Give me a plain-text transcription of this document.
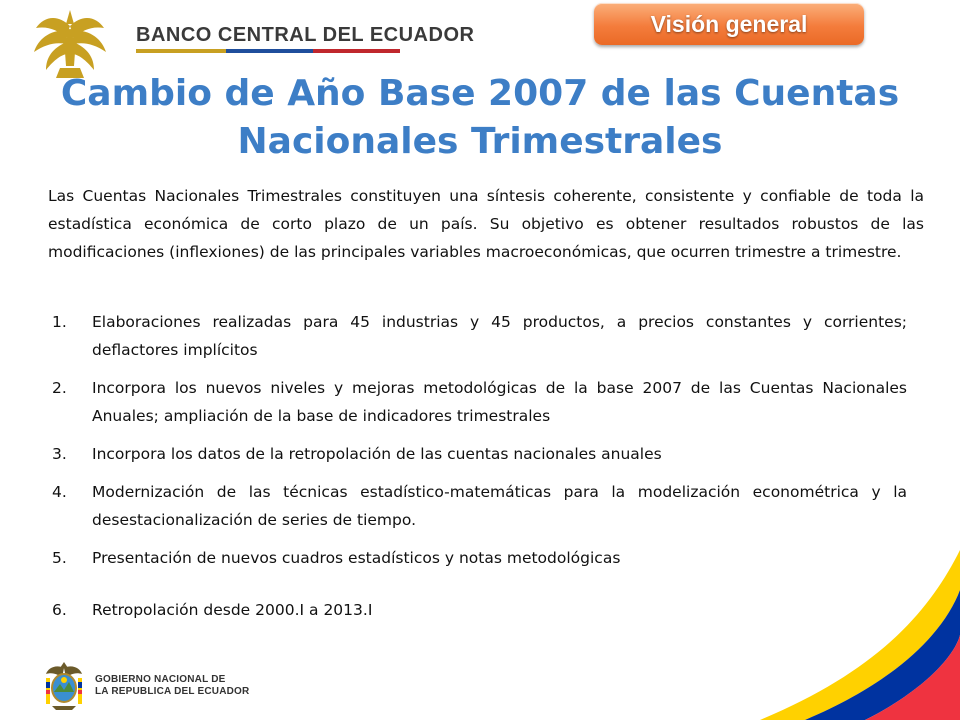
BANCO CENTRAL DEL ECUADOR	Visión general
Cambio de Año Base 2007 de las Cuentas
Nacionales Trimestrales

Las Cuentas Nacionales Trimestrales constituyen una síntesis coherente, consistente y confiable de toda la estadística económica de corto plazo de un país. Su objetivo es obtener resultados robustos de las modificaciones (inflexiones) de las principales variables macroeconómicas, que ocurren trimestre a trimestre.

1. Elaboraciones realizadas para 45 industrias y 45 productos, a precios constantes y corrientes; deflactores implícitos
2. Incorpora los nuevos niveles y mejoras metodológicas de la base 2007 de las Cuentas Nacionales Anuales; ampliación de la base de indicadores trimestrales
3. Incorpora los datos de la retropolación de las cuentas nacionales anuales
4. Modernización de las técnicas estadístico-matemáticas para la modelización econométrica y la desestacionalización de series de tiempo.
5. Presentación de nuevos cuadros estadísticos y notas metodológicas
6. Retropolación desde 2000.I a 2013.I
GOBIERNO NACIONAL DE
LA REPUBLICA DEL ECUADOR
